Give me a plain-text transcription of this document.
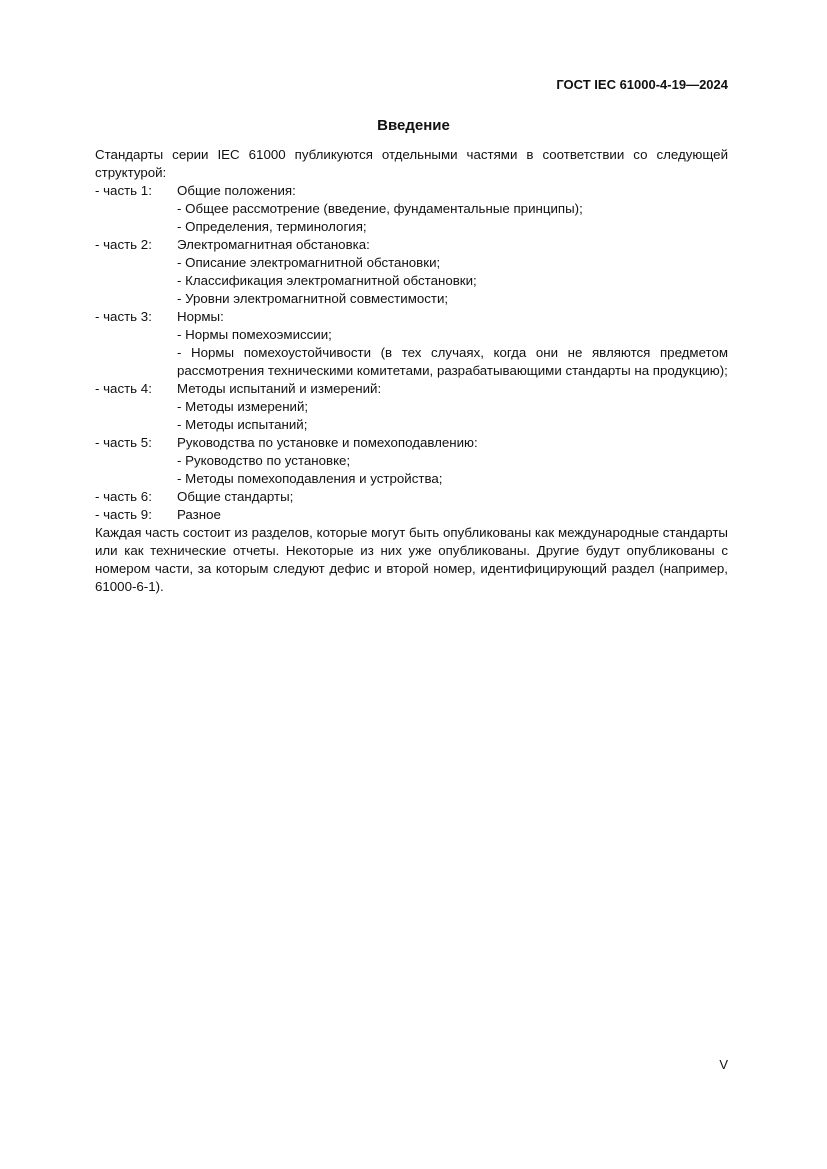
ГОСТ IEC 61000-4-19—2024
Введение
Стандарты серии IEC 61000 публикуются отдельными частями в соответствии со следующей структурой:
- часть 1:	Общие положения:
- Общее рассмотрение (введение, фундаментальные принципы);
- Определения, терминология;
- часть 2:	Электромагнитная обстановка:
- Описание электромагнитной обстановки;
- Классификация электромагнитной обстановки;
- Уровни электромагнитной совместимости;
- часть 3:	Нормы:
- Нормы помехоэмиссии;
- Нормы помехоустойчивости (в тех случаях, когда они не являются предметом рассмотрения техническими комитетами, разрабатывающими стандарты на продукцию);
- часть 4:	Методы испытаний и измерений:
- Методы измерений;
- Методы испытаний;
- часть 5:	Руководства по установке и помехоподавлению:
- Руководство по установке;
- Методы помехоподавления и устройства;
- часть 6:	Общие стандарты;
- часть 9:	Разное
Каждая часть состоит из разделов, которые могут быть опубликованы как международные стандарты или как технические отчеты. Некоторые из них уже опубликованы. Другие будут опубликованы с номером части, за которым следуют дефис и второй номер, идентифицирующий раздел (например, 61000-6-1).
V
